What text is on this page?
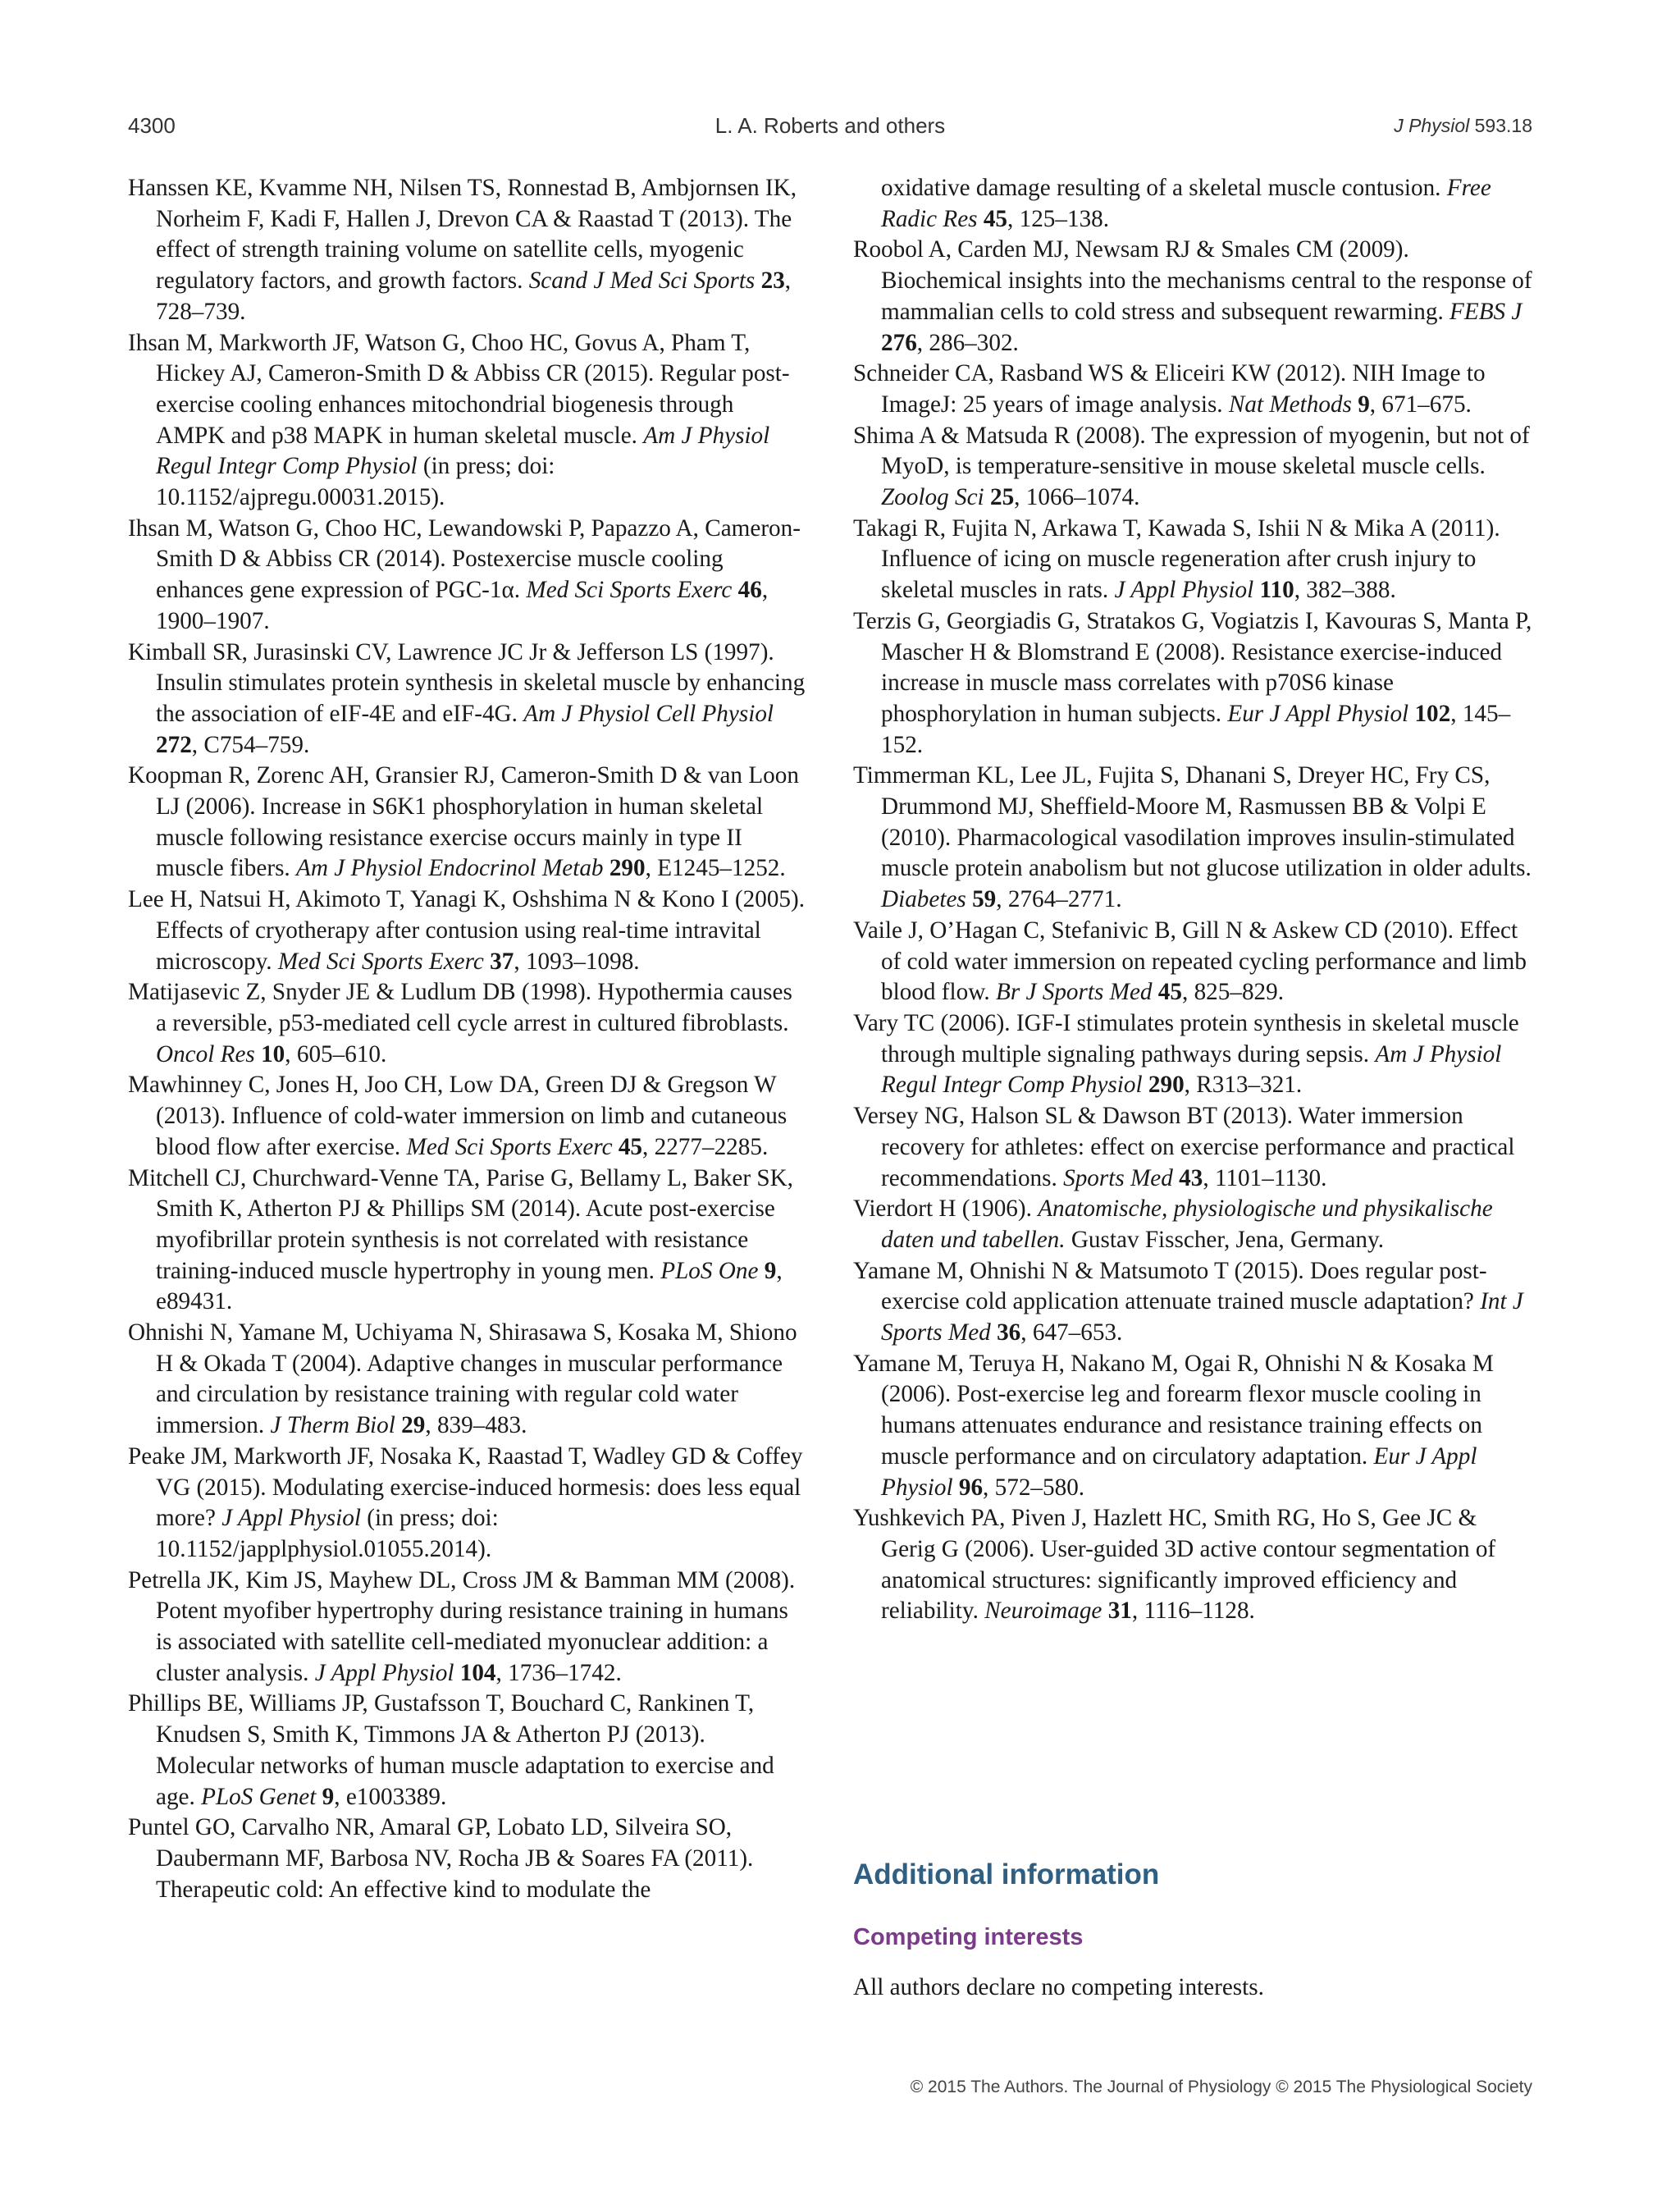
4300	L. A. Roberts and others	J Physiol 593.18

Hanssen KE, Kvamme NH, Nilsen TS, Ronnestad B, Ambjornsen IK, Norheim F, Kadi F, Hallen J, Drevon CA & Raastad T (2013). The effect of strength training volume on satellite cells, myogenic regulatory factors, and growth factors. Scand J Med Sci Sports 23, 728–739.

Ihsan M, Markworth JF, Watson G, Choo HC, Govus A, Pham T, Hickey AJ, Cameron-Smith D & Abbiss CR (2015). Regular post-exercise cooling enhances mitochondrial biogenesis through AMPK and p38 MAPK in human skeletal muscle. Am J Physiol Regul Integr Comp Physiol (in press; doi: 10.1152/ajpregu.00031.2015).

Ihsan M, Watson G, Choo HC, Lewandowski P, Papazzo A, Cameron-Smith D & Abbiss CR (2014). Postexercise muscle cooling enhances gene expression of PGC-1α. Med Sci Sports Exerc 46, 1900–1907.

Kimball SR, Jurasinski CV, Lawrence JC Jr & Jefferson LS (1997). Insulin stimulates protein synthesis in skeletal muscle by enhancing the association of eIF-4E and eIF-4G. Am J Physiol Cell Physiol 272, C754–759.

Koopman R, Zorenc AH, Gransier RJ, Cameron-Smith D & van Loon LJ (2006). Increase in S6K1 phosphorylation in human skeletal muscle following resistance exercise occurs mainly in type II muscle fibers. Am J Physiol Endocrinol Metab 290, E1245–1252.

Lee H, Natsui H, Akimoto T, Yanagi K, Oshshima N & Kono I (2005). Effects of cryotherapy after contusion using real-time intravital microscopy. Med Sci Sports Exerc 37, 1093–1098.

Matijasevic Z, Snyder JE & Ludlum DB (1998). Hypothermia causes a reversible, p53-mediated cell cycle arrest in cultured fibroblasts. Oncol Res 10, 605–610.

Mawhinney C, Jones H, Joo CH, Low DA, Green DJ & Gregson W (2013). Influence of cold-water immersion on limb and cutaneous blood flow after exercise. Med Sci Sports Exerc 45, 2277–2285.

Mitchell CJ, Churchward-Venne TA, Parise G, Bellamy L, Baker SK, Smith K, Atherton PJ & Phillips SM (2014). Acute post-exercise myofibrillar protein synthesis is not correlated with resistance training-induced muscle hypertrophy in young men. PLoS One 9, e89431.

Ohnishi N, Yamane M, Uchiyama N, Shirasawa S, Kosaka M, Shiono H & Okada T (2004). Adaptive changes in muscular performance and circulation by resistance training with regular cold water immersion. J Therm Biol 29, 839–483.

Peake JM, Markworth JF, Nosaka K, Raastad T, Wadley GD & Coffey VG (2015). Modulating exercise-induced hormesis: does less equal more? J Appl Physiol (in press; doi: 10.1152/japplphysiol.01055.2014).

Petrella JK, Kim JS, Mayhew DL, Cross JM & Bamman MM (2008). Potent myofiber hypertrophy during resistance training in humans is associated with satellite cell-mediated myonuclear addition: a cluster analysis. J Appl Physiol 104, 1736–1742.

Phillips BE, Williams JP, Gustafsson T, Bouchard C, Rankinen T, Knudsen S, Smith K, Timmons JA & Atherton PJ (2013). Molecular networks of human muscle adaptation to exercise and age. PLoS Genet 9, e1003389.

Puntel GO, Carvalho NR, Amaral GP, Lobato LD, Silveira SO, Daubermann MF, Barbosa NV, Rocha JB & Soares FA (2011). Therapeutic cold: An effective kind to modulate the

oxidative damage resulting of a skeletal muscle contusion. Free Radic Res 45, 125–138.

Roobol A, Carden MJ, Newsam RJ & Smales CM (2009). Biochemical insights into the mechanisms central to the response of mammalian cells to cold stress and subsequent rewarming. FEBS J 276, 286–302.

Schneider CA, Rasband WS & Eliceiri KW (2012). NIH Image to ImageJ: 25 years of image analysis. Nat Methods 9, 671–675.

Shima A & Matsuda R (2008). The expression of myogenin, but not of MyoD, is temperature-sensitive in mouse skeletal muscle cells. Zoolog Sci 25, 1066–1074.

Takagi R, Fujita N, Arkawa T, Kawada S, Ishii N & Mika A (2011). Influence of icing on muscle regeneration after crush injury to skeletal muscles in rats. J Appl Physiol 110, 382–388.

Terzis G, Georgiadis G, Stratakos G, Vogiatzis I, Kavouras S, Manta P, Mascher H & Blomstrand E (2008). Resistance exercise-induced increase in muscle mass correlates with p70S6 kinase phosphorylation in human subjects. Eur J Appl Physiol 102, 145–152.

Timmerman KL, Lee JL, Fujita S, Dhanani S, Dreyer HC, Fry CS, Drummond MJ, Sheffield-Moore M, Rasmussen BB & Volpi E (2010). Pharmacological vasodilation improves insulin-stimulated muscle protein anabolism but not glucose utilization in older adults. Diabetes 59, 2764–2771.

Vaile J, O’Hagan C, Stefanivic B, Gill N & Askew CD (2010). Effect of cold water immersion on repeated cycling performance and limb blood flow. Br J Sports Med 45, 825–829.

Vary TC (2006). IGF-I stimulates protein synthesis in skeletal muscle through multiple signaling pathways during sepsis. Am J Physiol Regul Integr Comp Physiol 290, R313–321.

Versey NG, Halson SL & Dawson BT (2013). Water immersion recovery for athletes: effect on exercise performance and practical recommendations. Sports Med 43, 1101–1130.

Vierdort H (1906). Anatomische, physiologische und physikalische daten und tabellen. Gustav Fisscher, Jena, Germany.

Yamane M, Ohnishi N & Matsumoto T (2015). Does regular post-exercise cold application attenuate trained muscle adaptation? Int J Sports Med 36, 647–653.

Yamane M, Teruya H, Nakano M, Ogai R, Ohnishi N & Kosaka M (2006). Post-exercise leg and forearm flexor muscle cooling in humans attenuates endurance and resistance training effects on muscle performance and on circulatory adaptation. Eur J Appl Physiol 96, 572–580.

Yushkevich PA, Piven J, Hazlett HC, Smith RG, Ho S, Gee JC & Gerig G (2006). User-guided 3D active contour segmentation of anatomical structures: significantly improved efficiency and reliability. Neuroimage 31, 1116–1128.

Additional information
Competing interests

All authors declare no competing interests.

© 2015 The Authors. The Journal of Physiology © 2015 The Physiological Society
